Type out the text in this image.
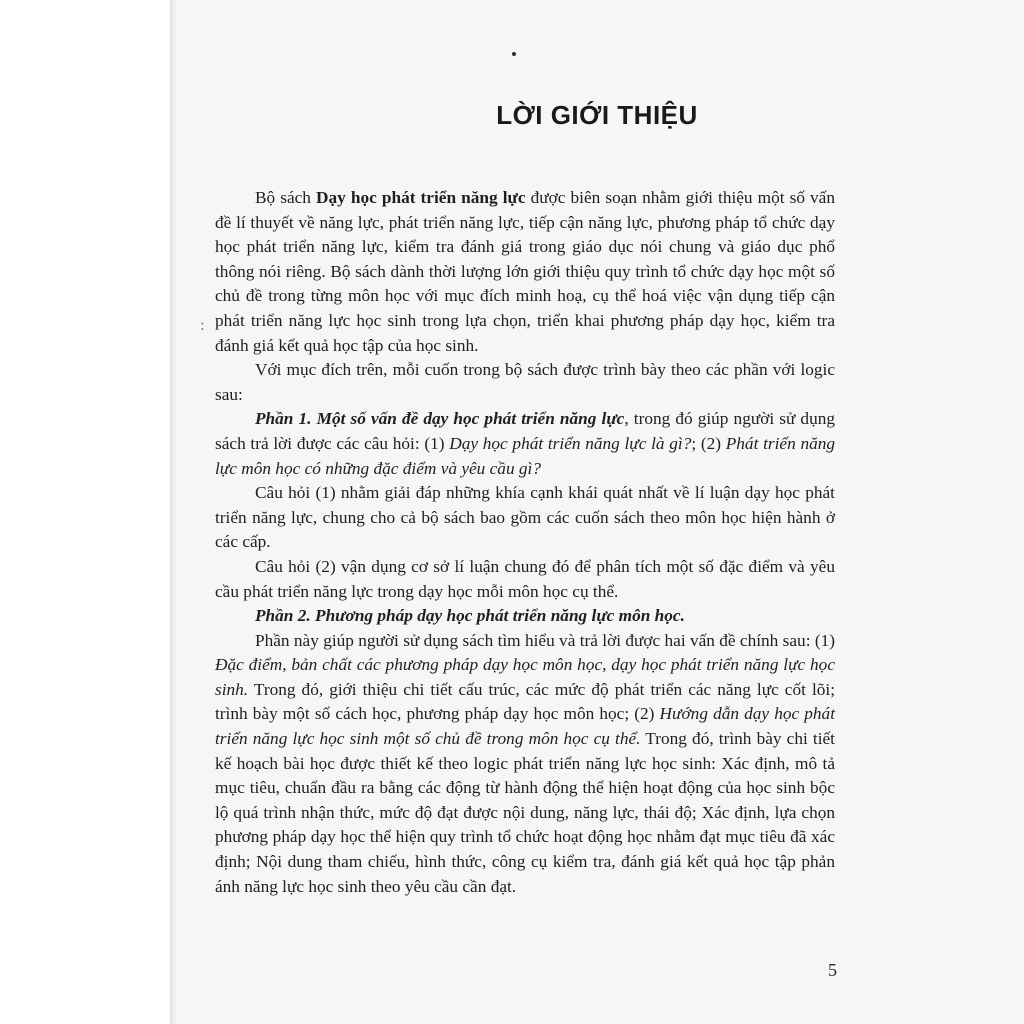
:
LỜI GIỚI THIỆU

Bộ sách Dạy học phát triển năng lực được biên soạn nhằm giới thiệu một số vấn đề lí thuyết về năng lực, phát triển năng lực, tiếp cận năng lực, phương pháp tổ chức dạy học phát triển năng lực, kiểm tra đánh giá trong giáo dục nói chung và giáo dục phổ thông nói riêng. Bộ sách dành thời lượng lớn giới thiệu quy trình tổ chức dạy học một số chủ đề trong từng môn học với mục đích minh hoạ, cụ thể hoá việc vận dụng tiếp cận phát triển năng lực học sinh trong lựa chọn, triển khai phương pháp dạy học, kiểm tra đánh giá kết quả học tập của học sinh.

Với mục đích trên, mỗi cuốn trong bộ sách được trình bày theo các phần với logic sau:

Phần 1. Một số vấn đề dạy học phát triển năng lực, trong đó giúp người sử dụng sách trả lời được các câu hỏi: (1) Dạy học phát triển năng lực là gì?; (2) Phát triển năng lực môn học có những đặc điểm và yêu cầu gì?

Câu hỏi (1) nhằm giải đáp những khía cạnh khái quát nhất về lí luận dạy học phát triển năng lực, chung cho cả bộ sách bao gồm các cuốn sách theo môn học hiện hành ở các cấp.

Câu hỏi (2) vận dụng cơ sở lí luận chung đó để phân tích một số đặc điểm và yêu cầu phát triển năng lực trong dạy học mỗi môn học cụ thể.

Phần 2. Phương pháp dạy học phát triển năng lực môn học.

Phần này giúp người sử dụng sách tìm hiểu và trả lời được hai vấn đề chính sau: (1) Đặc điểm, bản chất các phương pháp dạy học môn học, dạy học phát triển năng lực học sinh. Trong đó, giới thiệu chi tiết cấu trúc, các mức độ phát triển các năng lực cốt lõi; trình bày một số cách học, phương pháp dạy học môn học; (2) Hướng dẫn dạy học phát triển năng lực học sinh một số chủ đề trong môn học cụ thể. Trong đó, trình bày chi tiết kế hoạch bài học được thiết kế theo logic phát triển năng lực học sinh: Xác định, mô tả mục tiêu, chuẩn đầu ra bằng các động từ hành động thể hiện hoạt động của học sinh bộc lộ quá trình nhận thức, mức độ đạt được nội dung, năng lực, thái độ; Xác định, lựa chọn phương pháp dạy học thể hiện quy trình tổ chức hoạt động học nhằm đạt mục tiêu đã xác định; Nội dung tham chiếu, hình thức, công cụ kiểm tra, đánh giá kết quả học tập phản ánh năng lực học sinh theo yêu cầu cần đạt.

5
